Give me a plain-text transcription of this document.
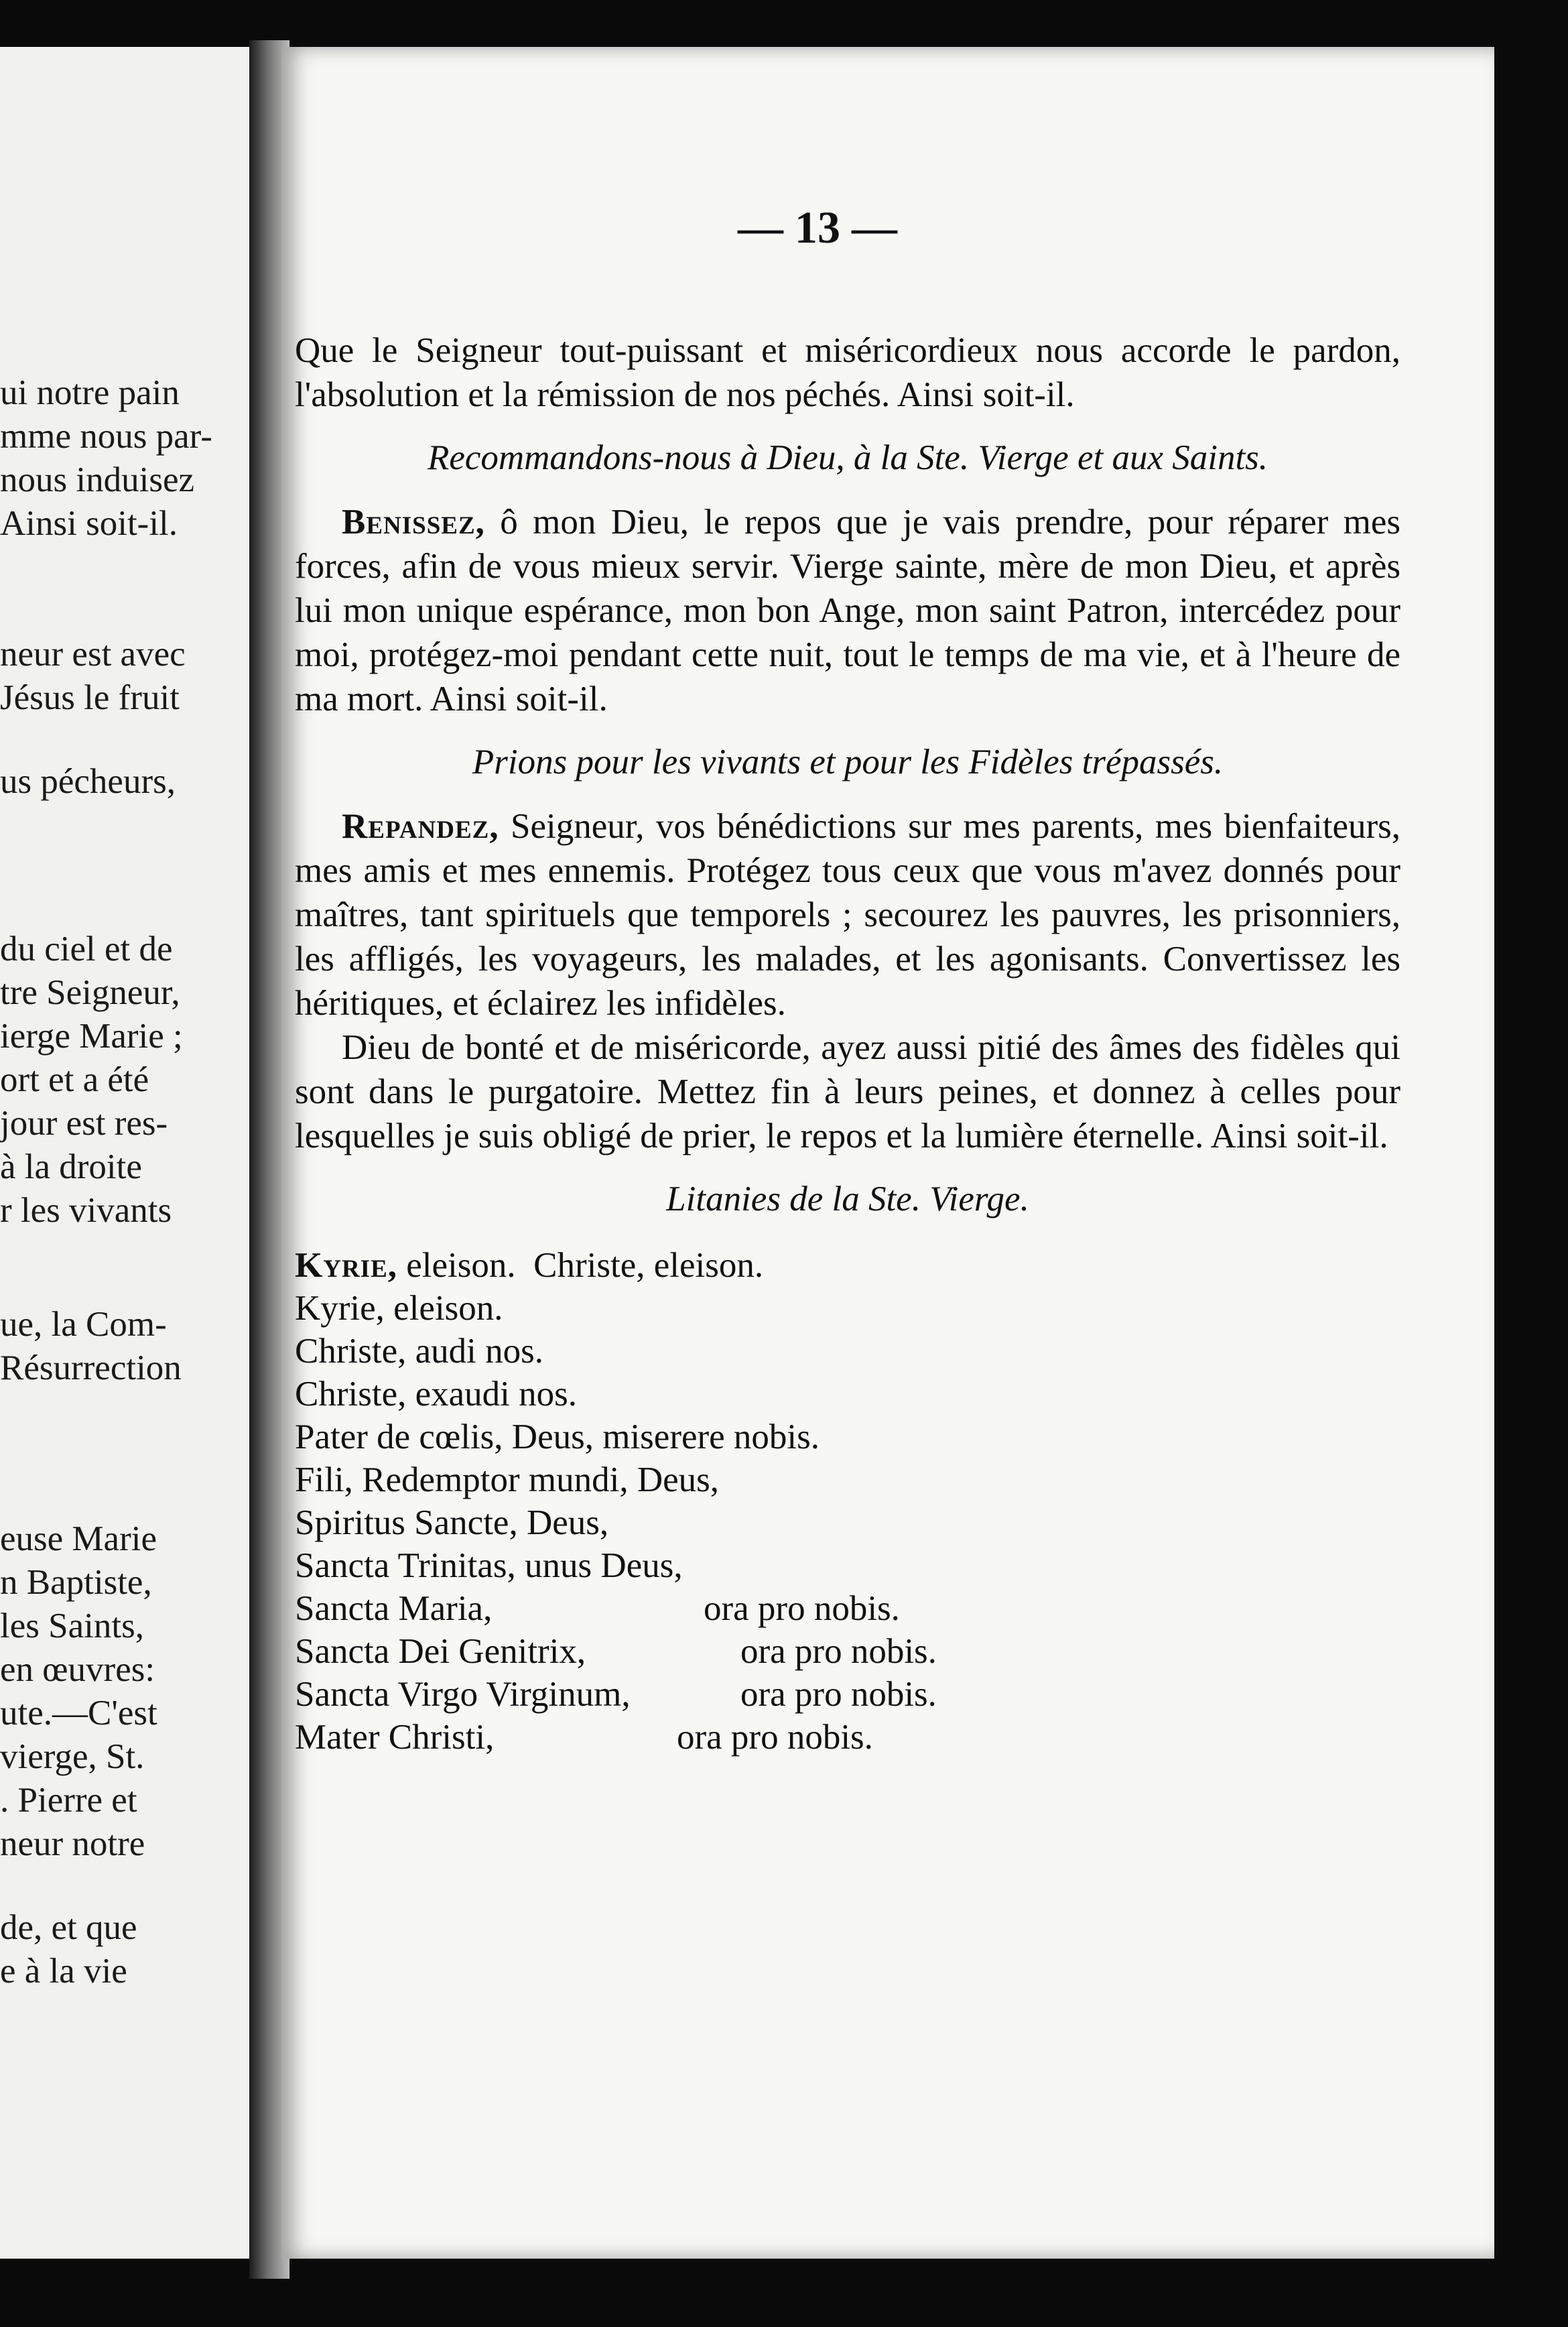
ui notre pain
mme nous par-
nous induisez
Ainsi soit-il.
neur est avec
Jésus le fruit
us pécheurs,
du ciel et de
tre Seigneur,
ierge Marie ;
ort et a été
jour est res-
à la droite
r les vivants
ue, la Com-
Résurrection
euse Marie
n Baptiste,
les Saints,
en œuvres:
ute.—C'est
vierge, St.
. Pierre et
neur notre
de, et que
e à la vie
— 13 —

Que le Seigneur tout-puissant et miséricordieux nous accorde le pardon, l'absolution et la rémission de nos péchés. Ainsi soit-il.

Recommandons-nous à Dieu, à la Ste. Vierge et aux Saints.

Benissez, ô mon Dieu, le repos que je vais prendre, pour réparer mes forces, afin de vous mieux servir. Vierge sainte, mère de mon Dieu, et après lui mon unique espérance, mon bon Ange, mon saint Patron, intercédez pour moi, protégez-moi pendant cette nuit, tout le temps de ma vie, et à l'heure de ma mort. Ainsi soit-il.

Prions pour les vivants et pour les Fidèles trépassés.

Repandez, Seigneur, vos bénédictions sur mes parents, mes bienfaiteurs, mes amis et mes ennemis. Protégez tous ceux que vous m'avez donnés pour maîtres, tant spirituels que temporels ; secourez les pauvres, les prisonniers, les affligés, les voyageurs, les malades, et les agonisants. Convertissez les héritiques, et éclairez les infidèles.

Dieu de bonté et de miséricorde, ayez aussi pitié des âmes des fidèles qui sont dans le purgatoire. Mettez fin à leurs peines, et donnez à celles pour lesquelles je suis obligé de prier, le repos et la lumière éternelle. Ainsi soit-il.

Litanies de la Ste. Vierge.
Kyrie, eleison.  Christe, eleison.
Kyrie, eleison.
Christe, audi nos.
Christe, exaudi nos.
Pater de cœlis, Deus, miserere nobis.
Fili, Redemptor mundi, Deus,
Spiritus Sancte, Deus,
Sancta Trinitas, unus Deus,
Sancta Maria,	ora pro nobis.
Sancta Dei Genitrix,	ora pro nobis.
Sancta Virgo Virginum,	ora pro nobis.
Mater Christi,	ora pro nobis.
